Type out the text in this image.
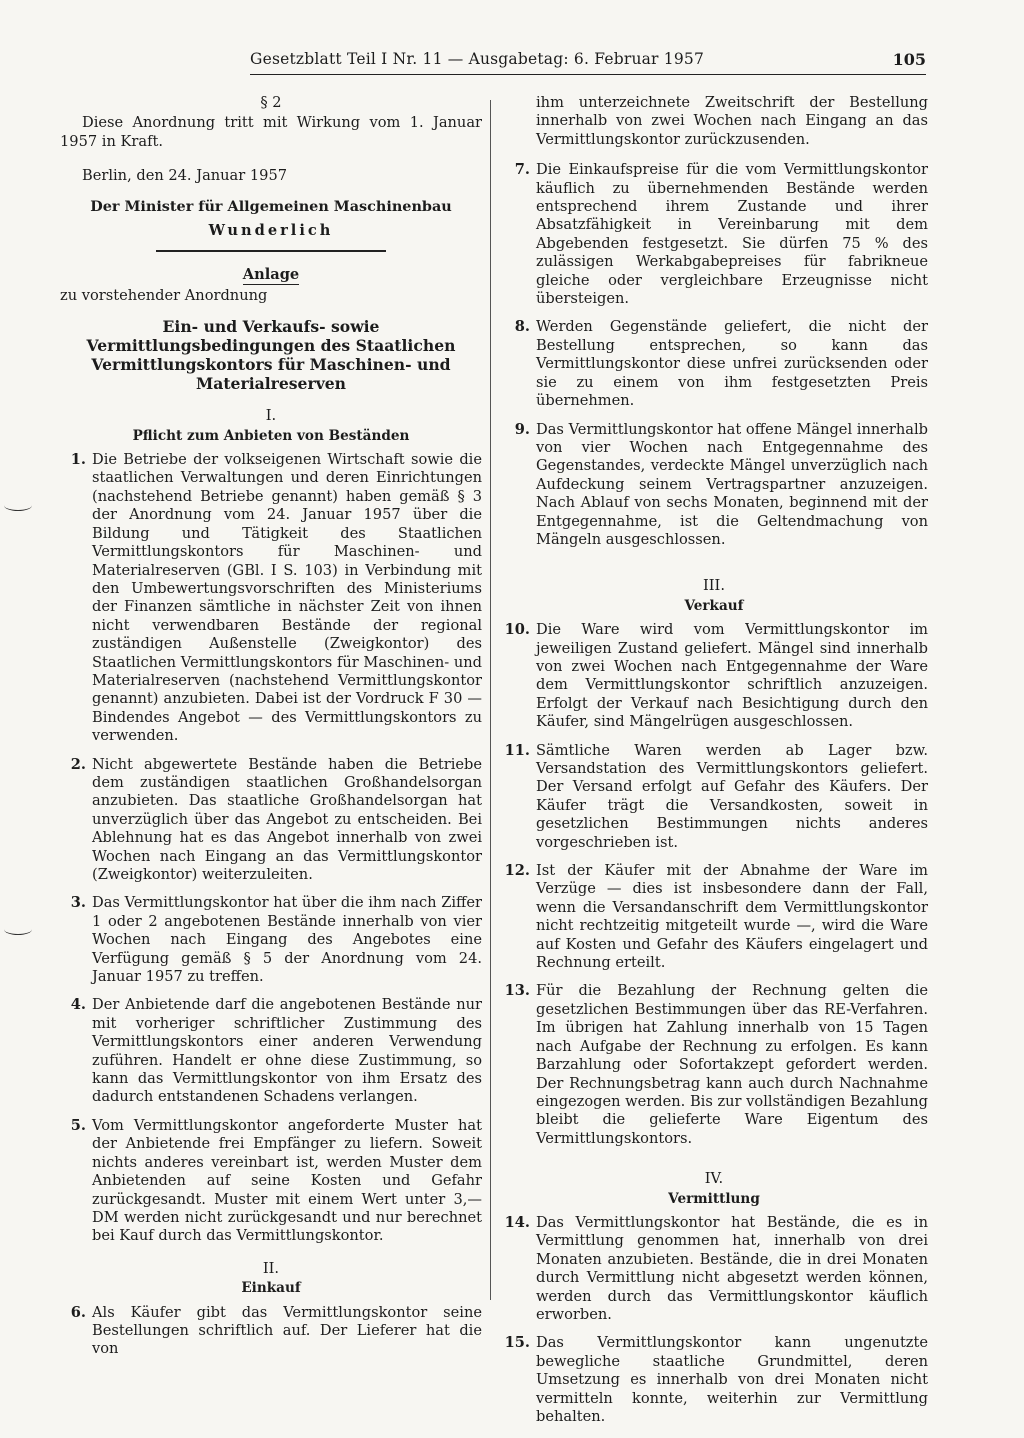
Gesetzblatt Teil I Nr. 11 — Ausgabetag: 6. Februar 1957	105

§ 2

Diese Anordnung tritt mit Wirkung vom 1. Januar 1957 in Kraft.

Berlin, den 24. Januar 1957

Der Minister für Allgemeinen Maschinenbau
Wunderlich
Anlage

zu vorstehender Anordnung

Ein- und Verkaufs- sowie Vermittlungsbedingungen des Staatlichen Vermittlungskontors für Maschinen- und Materialreserven
I.
Pflicht zum Anbieten von Beständen
1. Die Betriebe der volkseigenen Wirtschaft sowie die staatlichen Verwaltungen und deren Einrichtungen (nachstehend Betriebe genannt) haben gemäß § 3 der Anordnung vom 24. Januar 1957 über die Bildung und Tätigkeit des Staatlichen Vermittlungskontors für Maschinen- und Materialreserven (GBl. I S. 103) in Verbindung mit den Umbewertungsvorschriften des Ministeriums der Finanzen sämtliche in nächster Zeit von ihnen nicht verwendbaren Bestände der regional zuständigen Außenstelle (Zweigkontor) des Staatlichen Vermittlungskontors für Maschinen- und Materialreserven (nachstehend Vermittlungskontor genannt) anzubieten. Dabei ist der Vordruck F 30 — Bindendes Angebot — des Vermittlungskontors zu verwenden.
2. Nicht abgewertete Bestände haben die Betriebe dem zuständigen staatlichen Großhandelsorgan anzubieten. Das staatliche Großhandelsorgan hat unverzüglich über das Angebot zu entscheiden. Bei Ablehnung hat es das Angebot innerhalb von zwei Wochen nach Eingang an das Vermittlungskontor (Zweigkontor) weiterzuleiten.
3. Das Vermittlungskontor hat über die ihm nach Ziffer 1 oder 2 angebotenen Bestände innerhalb von vier Wochen nach Eingang des Angebotes eine Verfügung gemäß § 5 der Anordnung vom 24. Januar 1957 zu treffen.
4. Der Anbietende darf die angebotenen Bestände nur mit vorheriger schriftlicher Zustimmung des Vermittlungskontors einer anderen Verwendung zuführen. Handelt er ohne diese Zustimmung, so kann das Vermittlungskontor von ihm Ersatz des dadurch entstandenen Schadens verlangen.
5. Vom Vermittlungskontor angeforderte Muster hat der Anbietende frei Empfänger zu liefern. Soweit nichts anderes vereinbart ist, werden Muster dem Anbietenden auf seine Kosten und Gefahr zurückgesandt. Muster mit einem Wert unter 3,— DM werden nicht zurückgesandt und nur berechnet bei Kauf durch das Vermittlungskontor.
II.
Einkauf
6. Als Käufer gibt das Vermittlungskontor seine Bestellungen schriftlich auf. Der Lieferer hat die von
ihm unterzeichnete Zweitschrift der Bestellung innerhalb von zwei Wochen nach Eingang an das Vermittlungskontor zurückzusenden.
7. Die Einkaufspreise für die vom Vermittlungskontor käuflich zu übernehmenden Bestände werden entsprechend ihrem Zustande und ihrer Absatzfähigkeit in Vereinbarung mit dem Abgebenden festgesetzt. Sie dürfen 75 % des zulässigen Werkabgabepreises für fabrikneue gleiche oder vergleichbare Erzeugnisse nicht übersteigen.
8. Werden Gegenstände geliefert, die nicht der Bestellung entsprechen, so kann das Vermittlungskontor diese unfrei zurücksenden oder sie zu einem von ihm festgesetzten Preis übernehmen.
9. Das Vermittlungskontor hat offene Mängel innerhalb von vier Wochen nach Entgegennahme des Gegenstandes, verdeckte Mängel unverzüglich nach Aufdeckung seinem Vertragspartner anzuzeigen. Nach Ablauf von sechs Monaten, beginnend mit der Entgegennahme, ist die Geltendmachung von Mängeln ausgeschlossen.
III.
Verkauf
10. Die Ware wird vom Vermittlungskontor im jeweiligen Zustand geliefert. Mängel sind innerhalb von zwei Wochen nach Entgegennahme der Ware dem Vermittlungskontor schriftlich anzuzeigen. Erfolgt der Verkauf nach Besichtigung durch den Käufer, sind Mängelrügen ausgeschlossen.
11. Sämtliche Waren werden ab Lager bzw. Versandstation des Vermittlungskontors geliefert. Der Versand erfolgt auf Gefahr des Käufers. Der Käufer trägt die Versandkosten, soweit in gesetzlichen Bestimmungen nichts anderes vorgeschrieben ist.
12. Ist der Käufer mit der Abnahme der Ware im Verzüge — dies ist insbesondere dann der Fall, wenn die Versandanschrift dem Vermittlungskontor nicht rechtzeitig mitgeteilt wurde —, wird die Ware auf Kosten und Gefahr des Käufers eingelagert und Rechnung erteilt.
13. Für die Bezahlung der Rechnung gelten die gesetzlichen Bestimmungen über das RE-Verfahren. Im übrigen hat Zahlung innerhalb von 15 Tagen nach Aufgabe der Rechnung zu erfolgen. Es kann Barzahlung oder Sofortakzept gefordert werden. Der Rechnungsbetrag kann auch durch Nachnahme eingezogen werden. Bis zur vollständigen Bezahlung bleibt die gelieferte Ware Eigentum des Vermittlungskontors.
IV.
Vermittlung
14. Das Vermittlungskontor hat Bestände, die es in Vermittlung genommen hat, innerhalb von drei Monaten anzubieten. Bestände, die in drei Monaten durch Vermittlung nicht abgesetzt werden können, werden durch das Vermittlungskontor käuflich erworben.
15. Das Vermittlungskontor kann ungenutzte bewegliche staatliche Grundmittel, deren Umsetzung es innerhalb von drei Monaten nicht vermitteln konnte, weiterhin zur Vermittlung behalten.
